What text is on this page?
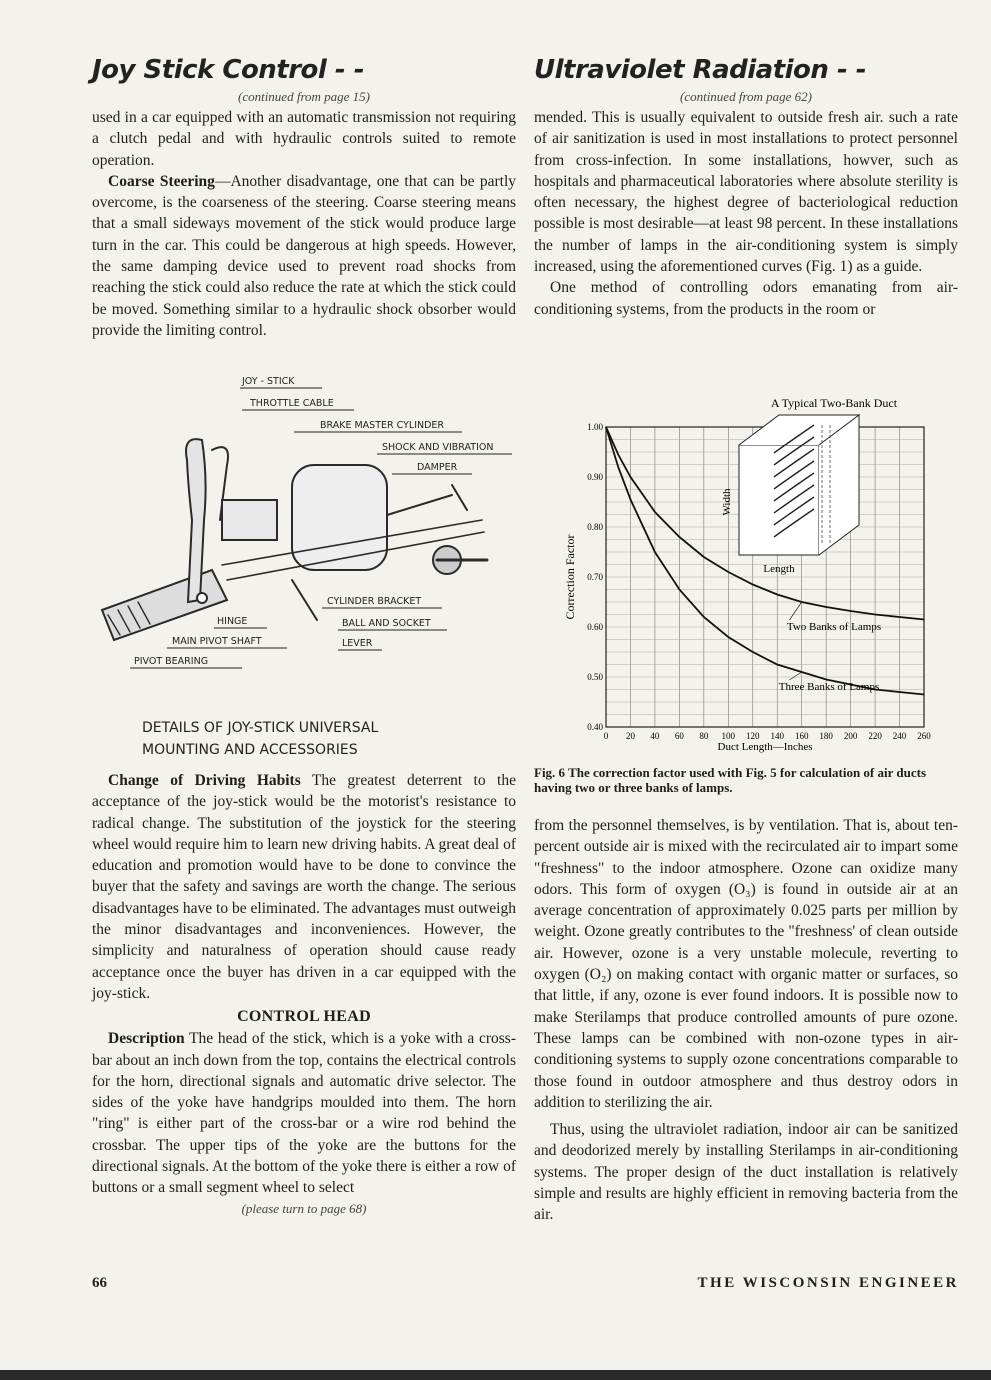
Joy Stick Control - -
(continued from page 15)

used in a car equipped with an automatic transmission not requiring a clutch pedal and with hydraulic controls suited to remote operation.

Coarse Steering—Another disadvantage, one that can be partly overcome, is the coarseness of the steering. Coarse steering means that a small sideways movement of the stick would produce large turn in the car. This could be dangerous at high speeds. However, the same damping device used to prevent road shocks from reaching the stick could also reduce the rate at which the stick could be moved. Something similar to a hydraulic shock obsorber would provide the limiting control.

JOY - STICK
THROTTLE CABLE
BRAKE MASTER CYLINDER
SHOCK AND VIBRATION
DAMPER
CYLINDER BRACKET
HINGE	BALL AND SOCKET
LEVER
MAIN PIVOT SHAFT
PIVOT BEARING
DETAILS OF JOY-STICK UNIVERSAL
MOUNTING AND ACCESSORIES

Change of Driving Habits The greatest deterrent to the acceptance of the joy-stick would be the motorist's resistance to radical change. The substitution of the joystick for the steering wheel would require him to learn new driving habits. A great deal of education and promotion would have to be done to convince the buyer that the safety and savings are worth the change. The serious disadvantages have to be eliminated. The advantages must outweigh the minor disadvantages and inconveniences. However, the simplicity and naturalness of operation should cause ready acceptance once the buyer has driven in a car equipped with the joy-stick.

CONTROL HEAD

Description The head of the stick, which is a yoke with a cross-bar about an inch down from the top, contains the electrical controls for the horn, directional signals and automatic drive selector. The sides of the yoke have handgrips moulded into them. The horn "ring" is either part of the cross-bar or a wire rod behind the crossbar. The upper tips of the yoke are the buttons for the directional signals. At the bottom of the yoke there is either a row of buttons or a small segment wheel to select

(please turn to page 68)
Ultraviolet Radiation - -
(continued from page 62)

mended. This is usually equivalent to outside fresh air. such a rate of air sanitization is used in most installations to protect personnel from cross-infection. In some installations, howver, such as hospitals and pharmaceutical laboratories where absolute sterility is often necessary, the highest degree of bacteriological reduction possible is most desirable—at least 98 percent. In these installations the number of lamps in the air-conditioning system is simply increased, using the aforementioned curves (Fig. 1) as a guide.

One method of controlling odors emanating from air-conditioning systems, from the products in the room or

0 20 40 60 80 100 120 140 160 180 200 220 240 260
0.40
0.50
0.60
0.70
0.80
0.90
1.00
Duct Length—Inches
Correction Factor
A Typical Two-Bank Duct
Width
Length
Two Banks of Lamps
Three Banks of Lamps
Fig. 6 The correction factor used with Fig. 5 for calculation of air ducts having two or three banks of lamps.

from the personnel themselves, is by ventilation. That is, about ten-percent outside air is mixed with the recirculated air to impart some "freshness" to the indoor atmosphere. Ozone can oxidize many odors. This form of oxygen (O₃) is found in outside air at an average concentration of approximately 0.025 parts per million by weight. Ozone greatly contributes to the "freshness' of clean outside air. However, ozone is a very unstable molecule, reverting to oxygen (O₂) on making contact with organic matter or surfaces, so that little, if any, ozone is ever found indoors. It is possible now to make Sterilamps that produce controlled amounts of pure ozone. These lamps can be combined with non-ozone types in air-conditioning systems to supply ozone concentrations comparable to those found in outdoor atmosphere and thus destroy odors in addition to sterilizing the air.

Thus, using the ultraviolet radiation, indoor air can be sanitized and deodorized merely by installing Sterilamps in air-conditioning systems. The proper design of the duct installation is relatively simple and results are highly efficient in removing bacteria from the air.

66	THE WISCONSIN ENGINEER
